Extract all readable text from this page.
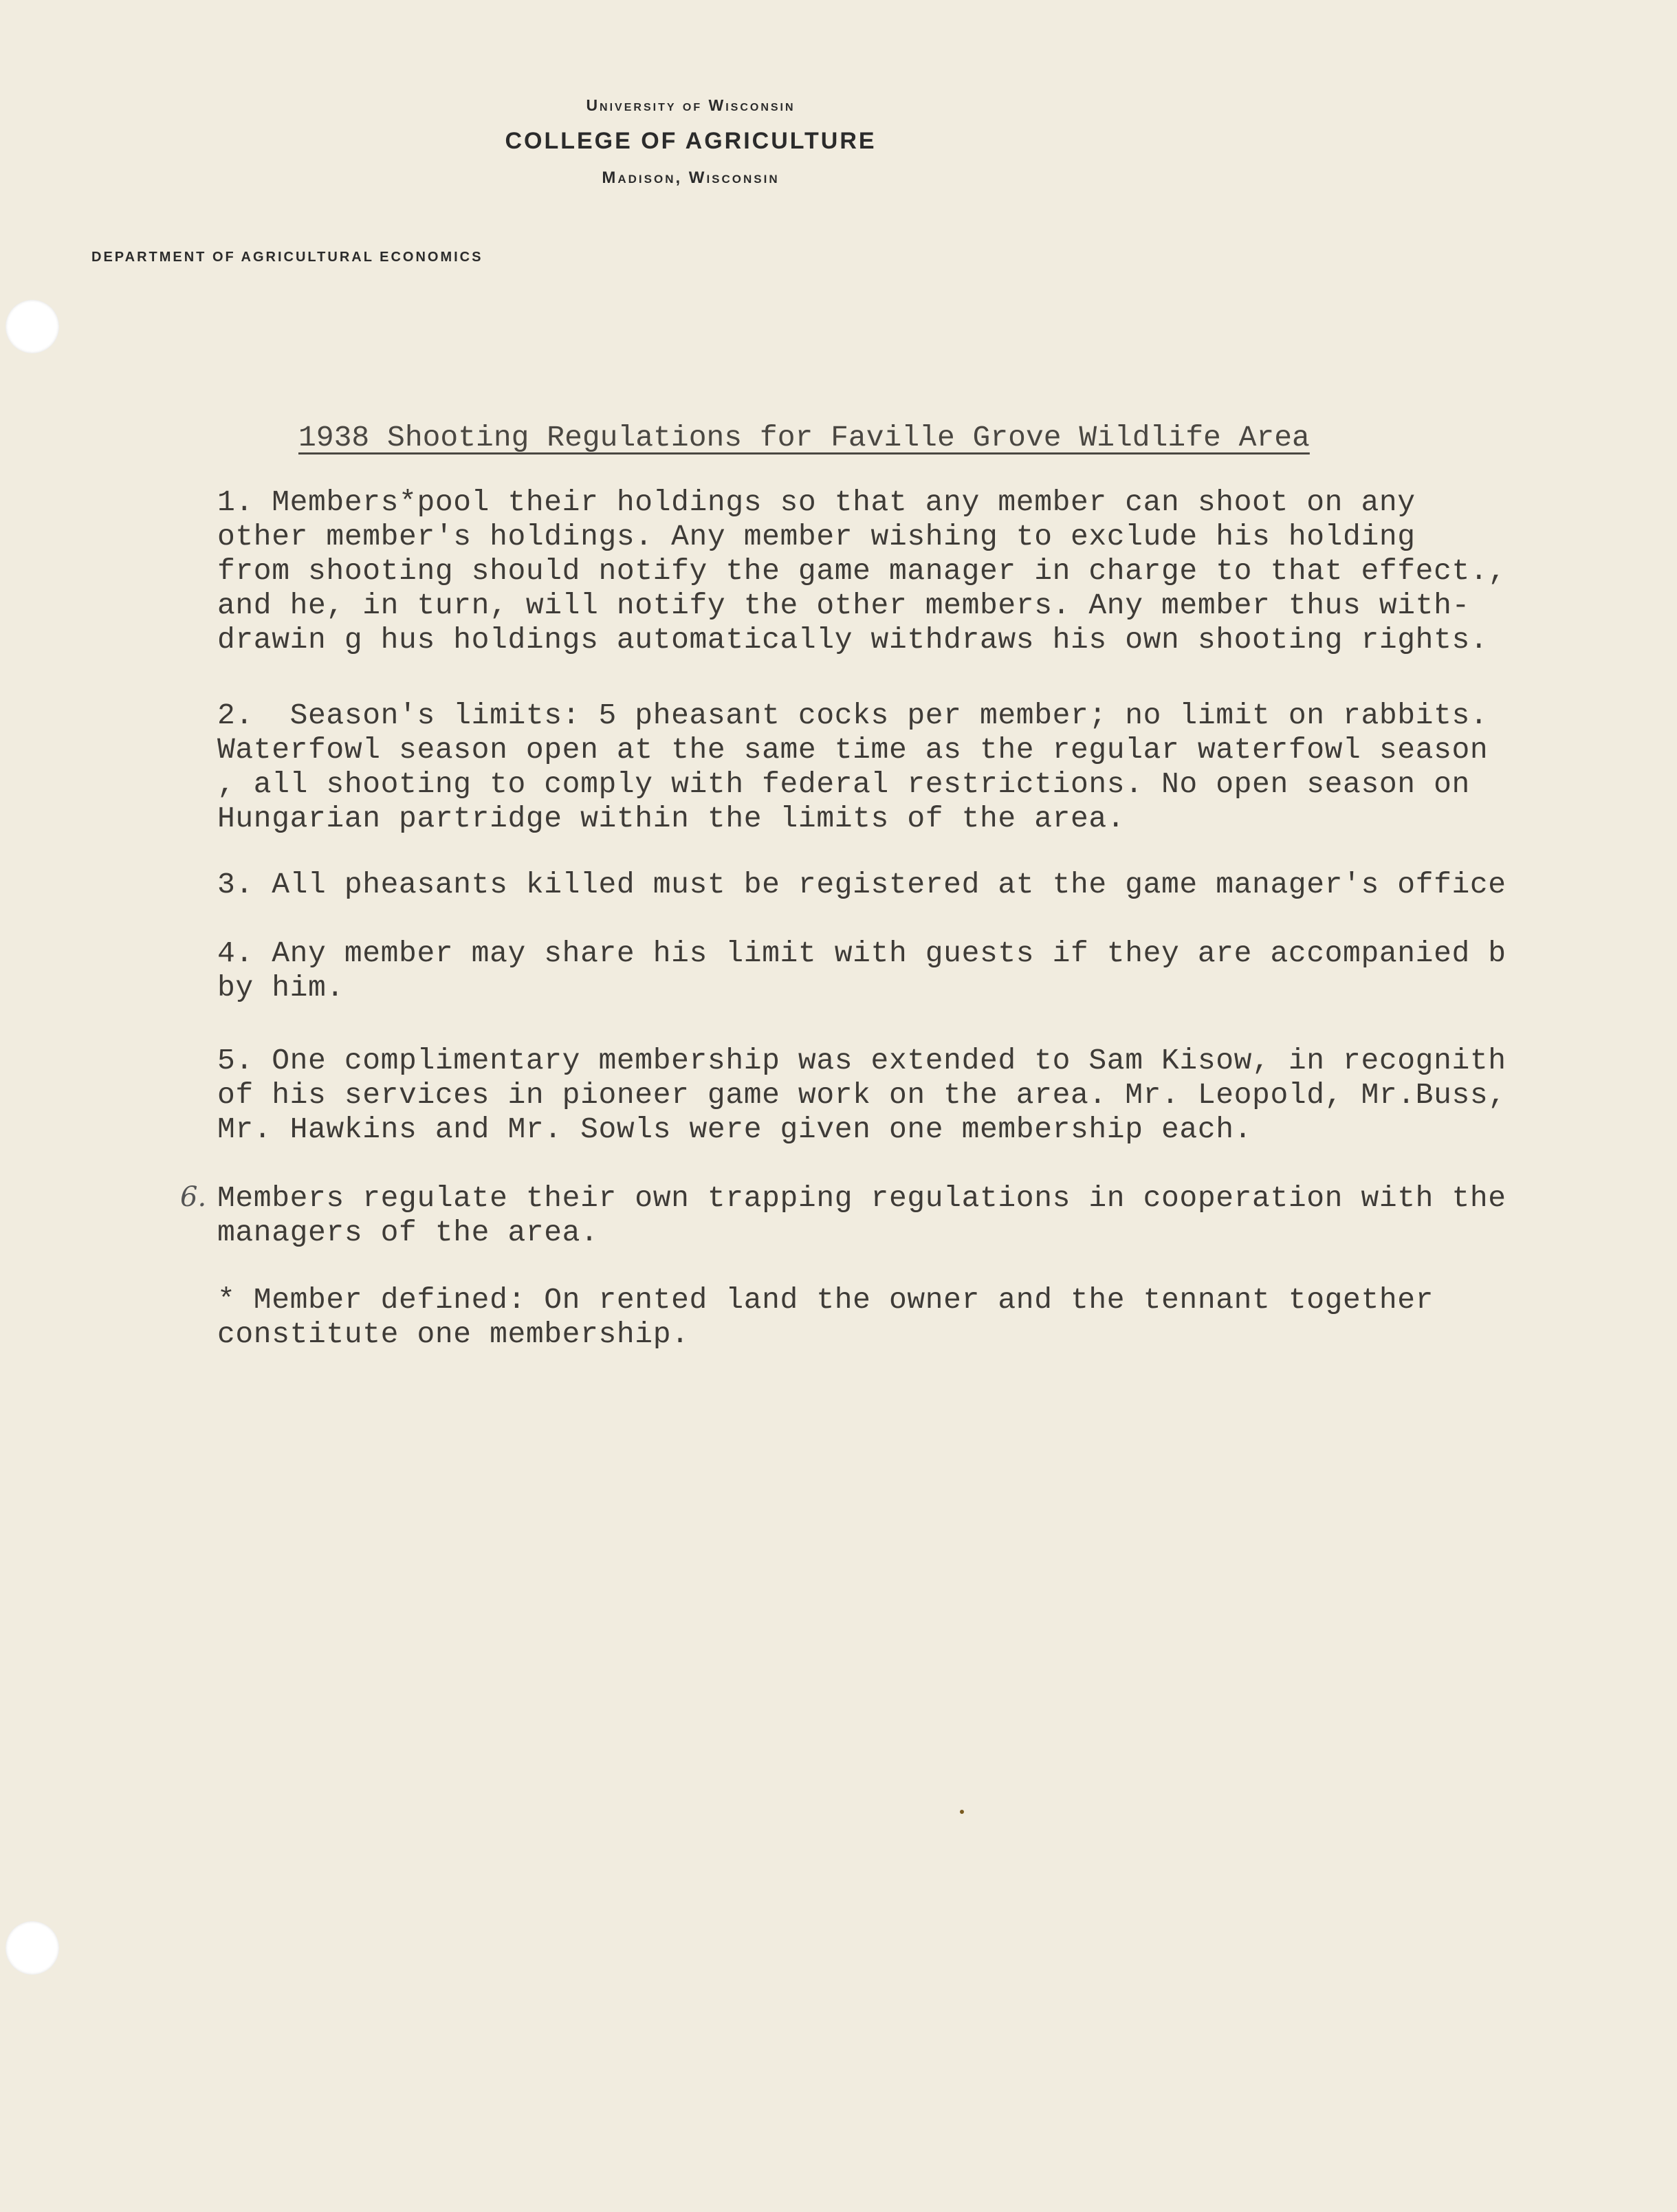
University of Wisconsin
COLLEGE OF AGRICULTURE
Madison, Wisconsin
DEPARTMENT OF AGRICULTURAL ECONOMICS
1938 Shooting Regulations for Faville Grove Wildlife Area
1. Members*pool their holdings so that any member can shoot on any
other member's holdings. Any member wishing to exclude his holding
from shooting should notify the game manager in charge to that effect.,
and he, in turn, will notify the other members. Any member thus with-
drawin g hus holdings automatically withdraws his own shooting rights.
2.  Season's limits: 5 pheasant cocks per member; no limit on rabbits.
Waterfowl season open at the same time as the regular waterfowl season
, all shooting to comply with federal restrictions. No open season on
Hungarian partridge within the limits of the area.
3. All pheasants killed must be registered at the game manager's office
4. Any member may share his limit with guests if they are accompanied b
by him.
5. One complimentary membership was extended to Sam Kisow, in recognith
of his services in pioneer game work on the area. Mr. Leopold, Mr.Buss,
Mr. Hawkins and Mr. Sowls were given one membership each.
6. Members regulate their own trapping regulations in cooperation with the
managers of the area.
* Member defined: On rented land the owner and the tennant together
constitute one membership.
